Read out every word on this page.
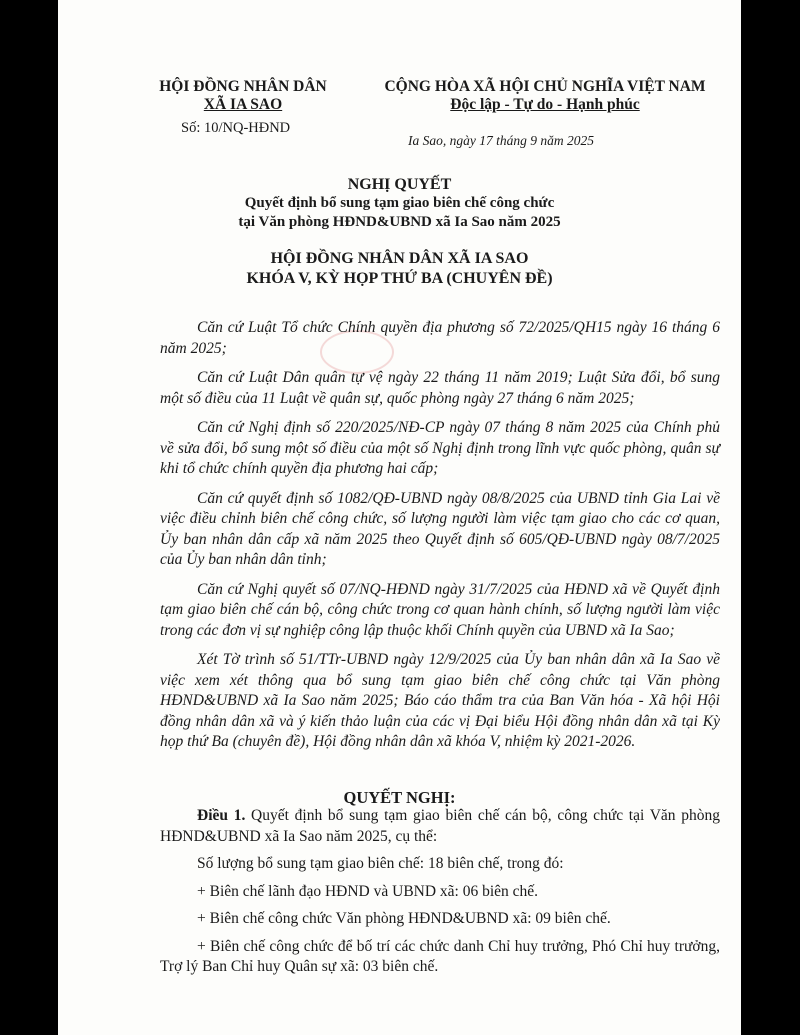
HỘI ĐỒNG NHÂN DÂN
XÃ IA SAO
CỘNG HÒA XÃ HỘI CHỦ NGHĨA VIỆT NAM
Độc lập - Tự do - Hạnh phúc
Số: 10/NQ-HĐND
Ia Sao, ngày 17 tháng 9 năm 2025
NGHỊ QUYẾT
Quyết định bổ sung tạm giao biên chế công chức
tại Văn phòng HĐND&UBND xã Ia Sao năm 2025
HỘI ĐỒNG NHÂN DÂN XÃ IA SAO
KHÓA V, KỲ HỌP THỨ BA (CHUYÊN ĐỀ)

Căn cứ Luật Tổ chức Chính quyền địa phương số 72/2025/QH15 ngày 16 tháng 6 năm 2025;

Căn cứ Luật Dân quân tự vệ ngày 22 tháng 11 năm 2019; Luật Sửa đổi, bổ sung một số điều của 11 Luật về quân sự, quốc phòng ngày 27 tháng 6 năm 2025;

Căn cứ Nghị định số 220/2025/NĐ-CP ngày 07 tháng 8 năm 2025 của Chính phủ về sửa đổi, bổ sung một số điều của một số Nghị định trong lĩnh vực quốc phòng, quân sự khi tổ chức chính quyền địa phương hai cấp;

Căn cứ quyết định số 1082/QĐ-UBND ngày 08/8/2025 của UBND tỉnh Gia Lai về việc điều chỉnh biên chế công chức, số lượng người làm việc tạm giao cho các cơ quan, Ủy ban nhân dân cấp xã năm 2025 theo Quyết định số 605/QĐ-UBND ngày 08/7/2025 của Ủy ban nhân dân tỉnh;

Căn cứ Nghị quyết số 07/NQ-HĐND ngày 31/7/2025 của HĐND xã về Quyết định tạm giao biên chế cán bộ, công chức trong cơ quan hành chính, số lượng người làm việc trong các đơn vị sự nghiệp công lập thuộc khối Chính quyền của UBND xã Ia Sao;

Xét Tờ trình số 51/TTr-UBND ngày 12/9/2025 của Ủy ban nhân dân xã Ia Sao về việc xem xét thông qua bổ sung tạm giao biên chế công chức tại Văn phòng HĐND&UBND xã Ia Sao năm 2025; Báo cáo thẩm tra của Ban Văn hóa - Xã hội Hội đồng nhân dân xã và ý kiến thảo luận của các vị Đại biểu Hội đồng nhân dân xã tại Kỳ họp thứ Ba (chuyên đề), Hội đồng nhân dân xã khóa V, nhiệm kỳ 2021-2026.

QUYẾT NGHỊ:

Điều 1. Quyết định bổ sung tạm giao biên chế cán bộ, công chức tại Văn phòng HĐND&UBND xã Ia Sao năm 2025, cụ thể:

Số lượng bổ sung tạm giao biên chế: 18 biên chế, trong đó:

+ Biên chế lãnh đạo HĐND và UBND xã: 06 biên chế.

+ Biên chế công chức Văn phòng HĐND&UBND xã: 09 biên chế.

+ Biên chế công chức để bố trí các chức danh Chỉ huy trưởng, Phó Chỉ huy trưởng, Trợ lý Ban Chỉ huy Quân sự xã: 03 biên chế.
